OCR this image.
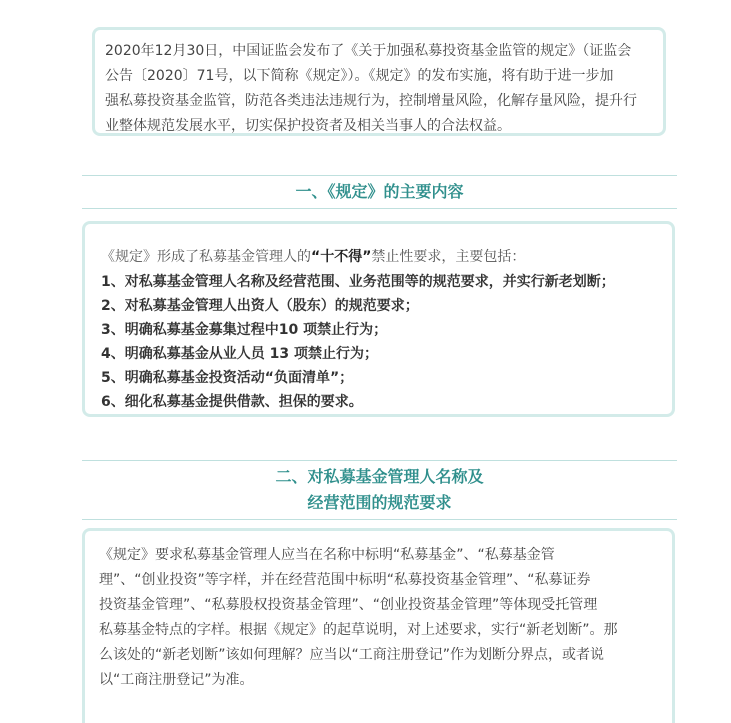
2020年12月30日，中国证监会发布了《关于加强私募投资基金监管的规定》（证监会

公告〔2020〕71号，以下简称《规定》）。《规定》的发布实施，将有助于进一步加

强私募投资基金监管，防范各类违法违规行为，控制增量风险，化解存量风险，提升行

业整体规范发展水平，切实保护投资者及相关当事人的合法权益。

一、《规定》的主要内容

《规定》形成了私募基金管理人的“十不得”禁止性要求，主要包括：

1、对私募基金管理人名称及经营范围、业务范围等的规范要求，并实行新老划断；
2、对私募基金管理人出资人（股东）的规范要求；
3、明确私募基金募集过程中10 项禁止行为；
4、明确私募基金从业人员 13 项禁止行为；
5、明确私募基金投资活动“负面清单”；
6、细化私募基金提供借款、担保的要求。
二、对私募基金管理人名称及
经营范围的规范要求

《规定》要求私募基金管理人应当在名称中标明“私募基金”、“私募基金管

理”、“创业投资”等字样，并在经营范围中标明“私募投资基金管理”、“私募证券

投资基金管理”、“私募股权投资基金管理”、“创业投资基金管理”等体现受托管理

私募基金特点的字样。根据《规定》的起草说明，对上述要求，实行“新老划断”。那

么该处的“新老划断”该如何理解？应当以“工商注册登记”作为划断分界点，或者说

以“工商注册登记”为准。
